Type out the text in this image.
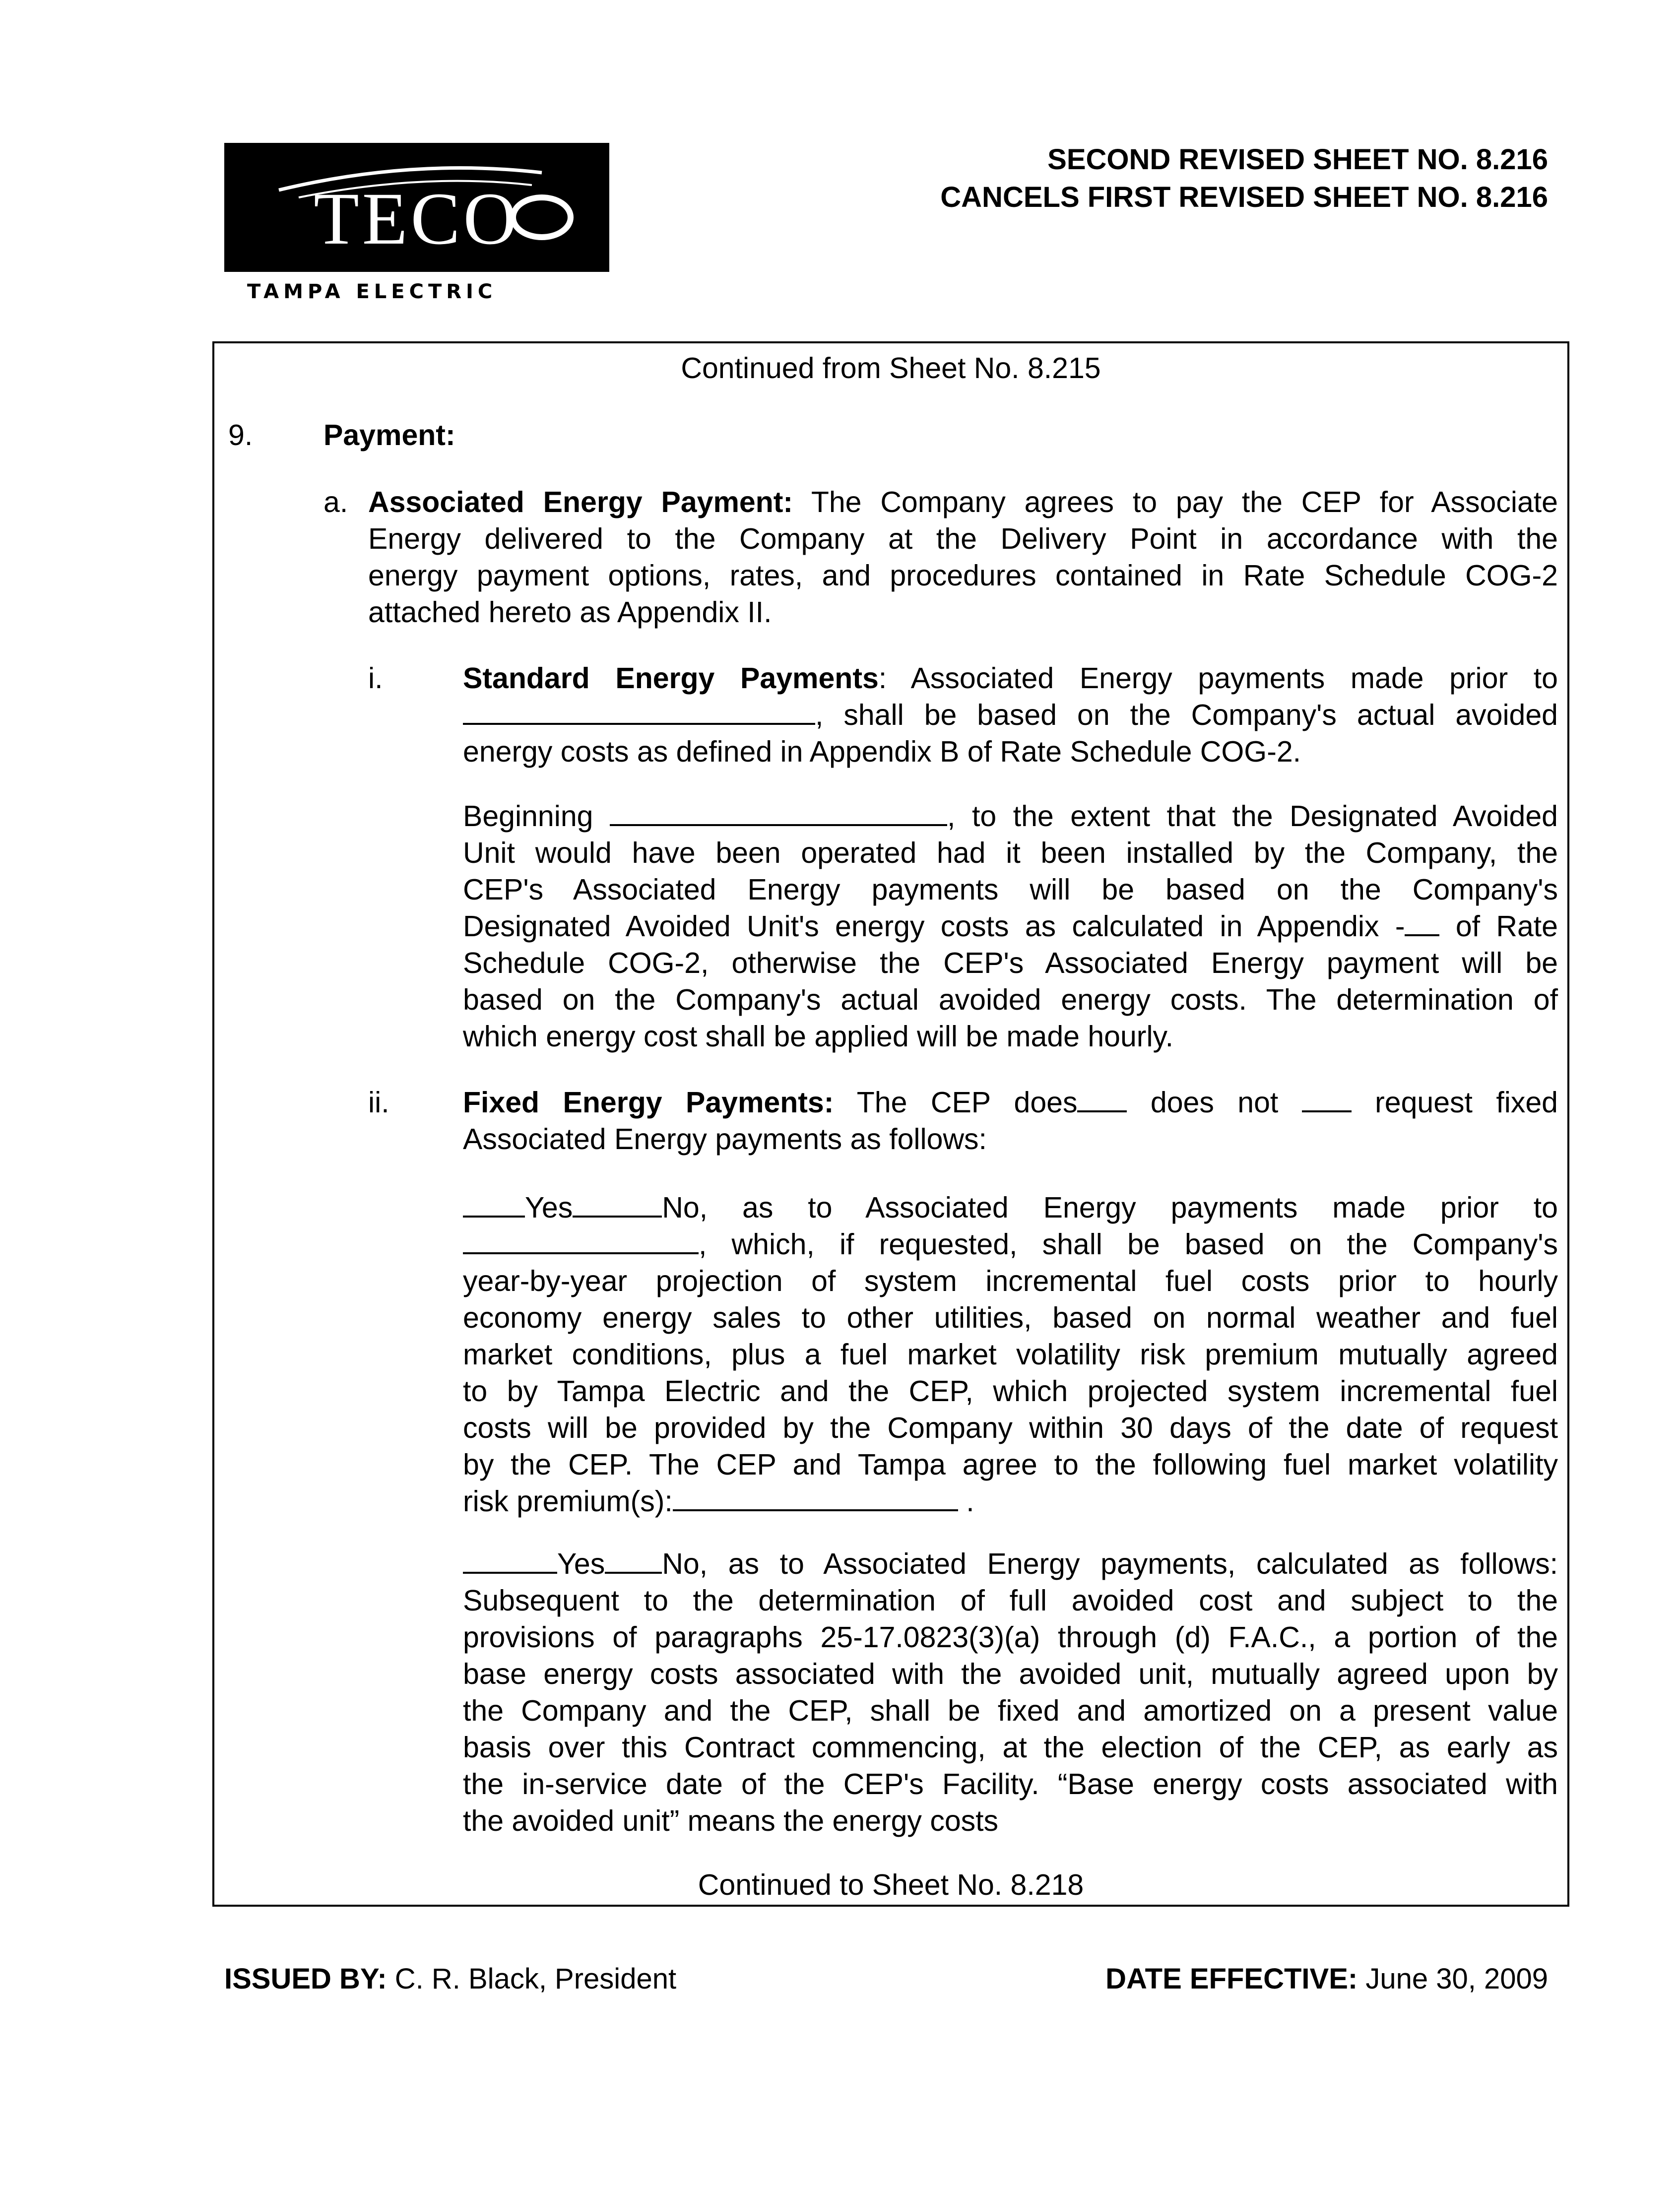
TECO
TAMPA ELECTRIC
SECOND REVISED SHEET NO. 8.216
CANCELS FIRST REVISED SHEET NO. 8.216
Continued from Sheet No. 8.215
9. Payment:
a. Associated Energy Payment: The Company agrees to pay the CEP for Associate
Energy delivered to the Company at the Delivery Point in accordance with the
energy payment options, rates, and procedures contained in Rate Schedule COG-2
attached hereto as Appendix II.
i.	Standard Energy Payments: Associated Energy payments made prior to
, shall be based on the Company's actual avoided
energy costs as defined in Appendix B of Rate Schedule COG-2.
Beginning	, to the extent that the Designated Avoided
Unit would have been operated had it been installed by the Company, the
CEP's Associated Energy payments will be based on the Company's
Designated Avoided Unit's energy costs as calculated in Appendix - of Rate
Schedule COG-2, otherwise the CEP's Associated Energy payment will be
based on the Company's actual avoided energy costs. The determination of
which energy cost shall be applied will be made hourly.
ii.	Fixed Energy Payments: The CEP does does not  request fixed
Associated Energy payments as follows:
Yes	No, as to Associated Energy payments made prior to
, which, if requested, shall be based on the Company's
year-by-year projection of system incremental fuel costs prior to hourly
economy energy sales to other utilities, based on normal weather and fuel
market conditions, plus a fuel market volatility risk premium mutually agreed
to by Tampa Electric and the CEP, which projected system incremental fuel
costs will be provided by the Company within 30 days of the date of request
by the CEP. The CEP and Tampa agree to the following fuel market volatility
risk premium(s):	.
Yes No, as to Associated Energy payments, calculated as follows:
Subsequent to the determination of full avoided cost and subject to the
provisions of paragraphs 25-17.0823(3)(a) through (d) F.A.C., a portion of the
base energy costs associated with the avoided unit, mutually agreed upon by
the Company and the CEP, shall be fixed and amortized on a present value
basis over this Contract commencing, at the election of the CEP, as early as
the in-service date of the CEP's Facility. “Base energy costs associated with
the avoided unit” means the energy costs
Continued to Sheet No. 8.218
ISSUED BY: C. R. Black, President	DATE EFFECTIVE: June 30, 2009
